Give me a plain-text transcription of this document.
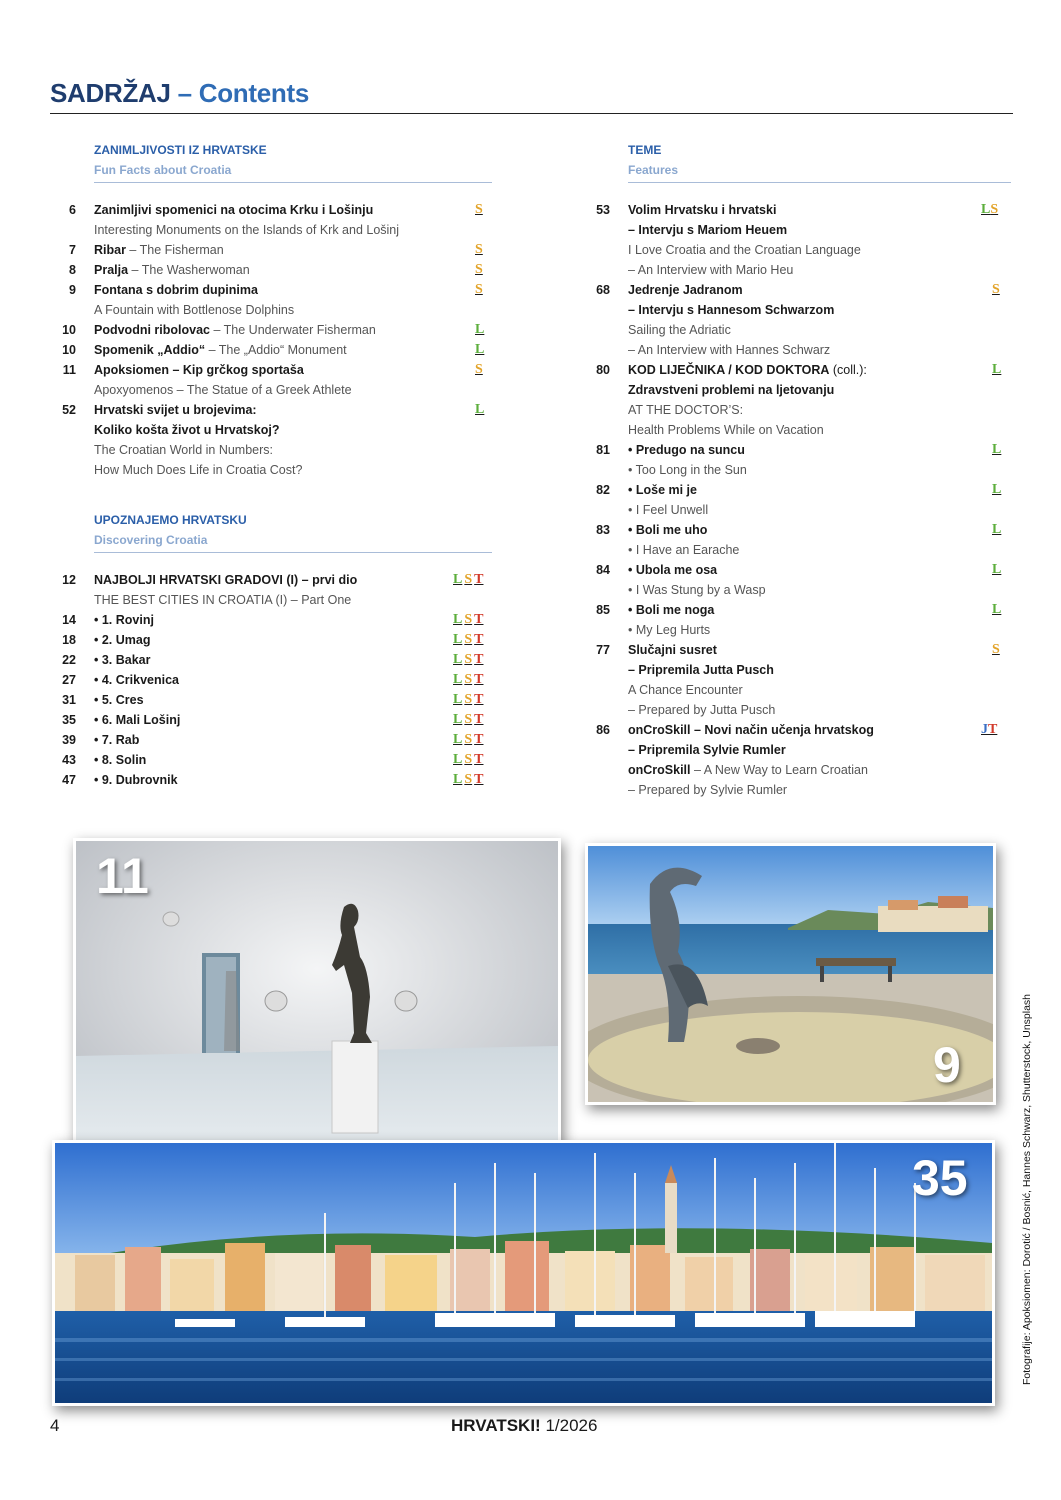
SADRŽAJ – Contents
ZANIMLJIVOSTI IZ HRVATSKE
Fun Facts about Croatia
6 Zanimljivi spomenici na otocima Krku i Lošinju	S
Interesting Monuments on the Islands of Krk and Lošinj
7 Ribar – The Fisherman	S
8 Pralja – The Washerwoman	S
9 Fontana s dobrim dupinima	S
A Fountain with Bottlenose Dolphins
10 Podvodni ribolovac – The Underwater Fisherman	L
10 Spomenik „Addio“ – The „Addio“ Monument	L
11 Apoksiomen – Kip grčkog sportaša	S
Apoxyomenos – The Statue of a Greek Athlete
52 Hrvatski svijet u brojevima:	L
Koliko košta život u Hrvatskoj?
The Croatian World in Numbers:
How Much Does Life in Croatia Cost?
UPOZNAJEMO HRVATSKU
Discovering Croatia
12 NAJBOLJI HRVATSKI GRADOVI (I) – prvi dio	L S T
THE BEST CITIES IN CROATIA (I) – Part One
14 • 1. Rovinj	L S T
18 • 2. Umag	L S T
22 • 3. Bakar	L S T
27 • 4. Crikvenica	L S T
31 • 5. Cres	L S T
35 • 6. Mali Lošinj	L S T
39 • 7. Rab	L S T
43 • 8. Solin	L S T
47 • 9. Dubrovnik	L S T
TEME
Features
53 Volim Hrvatsku i hrvatski	LS
– Intervju s Mariom Heuem
I Love Croatia and the Croatian Language
– An Interview with Mario Heu
68 Jedrenje Jadranom	S
– Intervju s Hannesom Schwarzom
Sailing the Adriatic
– An Interview with Hannes Schwarz
80 KOD LIJEČNIKA / KOD DOKTORA (coll.):	L
Zdravstveni problemi na ljetovanju
AT THE DOCTOR’S:
Health Problems While on Vacation
81 • Predugo na suncu	L
• Too Long in the Sun
82 • Loše mi je	L
• I Feel Unwell
83 • Boli me uho	L
• I Have an Earache
84 • Ubola me osa	L
• I Was Stung by a Wasp
85 • Boli me noga	L
• My Leg Hurts
77 Slučajni susret	S
– Pripremila Jutta Pusch
A Chance Encounter
– Prepared by Jutta Pusch
86 onCroSkill – Novi način učenja hrvatskog	JT
– Pripremila Sylvie Rumler
onCroSkill – A New Way to Learn Croatian
– Prepared by Sylvie Rumler
11
9
35	Fotografije: Apoksiomen: Dorotić / Bosnić, Hannes Schwarz, Shutterstock, Unsplash
4	HRVATSKI! 1/2026
